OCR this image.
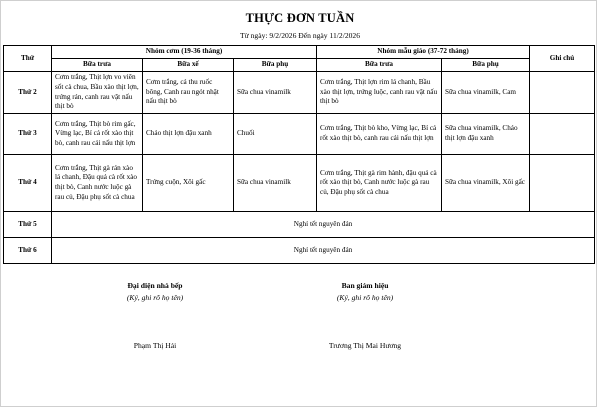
THỰC ĐƠN TUẦN
Từ ngày: 9/2/2026 Đến ngày 11/2/2026
Thứ	Nhóm cơm (19-36 tháng)			Nhóm mẫu giáo (37-72 tháng)		Ghi chú
	Bữa trưa	Bữa xế	Bữa phụ	Bữa trưa	Bữa phụ	
Thứ 2	Cơm trắng, Thịt lợn vo viên sốt cà chua, Bầu xào thịt lợn, trứng rán, canh rau vặt nấu thịt bò	Cơm trắng, cá thu ruốc bông, Canh rau ngót nhật nấu thịt bò	Sữa chua vinamilk	Cơm trắng, Thịt lợn rim lá chanh, Bầu xào thịt lợn, trứng luộc, canh rau vặt nấu thịt bò	Sữa chua vinamilk, Cam	
Thứ 3	Cơm trắng, Thịt bò rim gấc, Vừng lạc, Bí cả rốt xào thịt bò, canh rau cải nấu thịt lợn	Cháo thịt lợn đậu xanh	Chuối	Cơm trắng, Thịt bò kho, Vừng lạc, Bí cả rốt xào thịt bò, canh rau cải nấu thịt lợn	Sữa chua vinamilk, Cháo thịt lợn đậu xanh	
Thứ 4	Cơm trắng, Thịt gà rán xào lá chanh, Đậu quả cà rốt xào thịt bò, Canh nước luộc gà rau củ, Đậu phụ sốt cà chua	Trứng cuộn, Xôi gấc	Sữa chua vinamilk	Cơm trắng, Thịt gà rim hành, đậu quả cà rốt xào thịt bò, Canh nước luộc gà rau củ, Đậu phụ sốt cà chua	Sữa chua vinamilk, Xôi gấc	
Thứ 5	Nghỉ tết nguyên đán					
Thứ 6	Nghỉ tết nguyên đán					
Đại diện nhà bếp
(Ký, ghi rõ họ tên)
Ban giám hiệu
(Ký, ghi rõ họ tên)
Phạm Thị Hải	Trương Thị Mai Hương
